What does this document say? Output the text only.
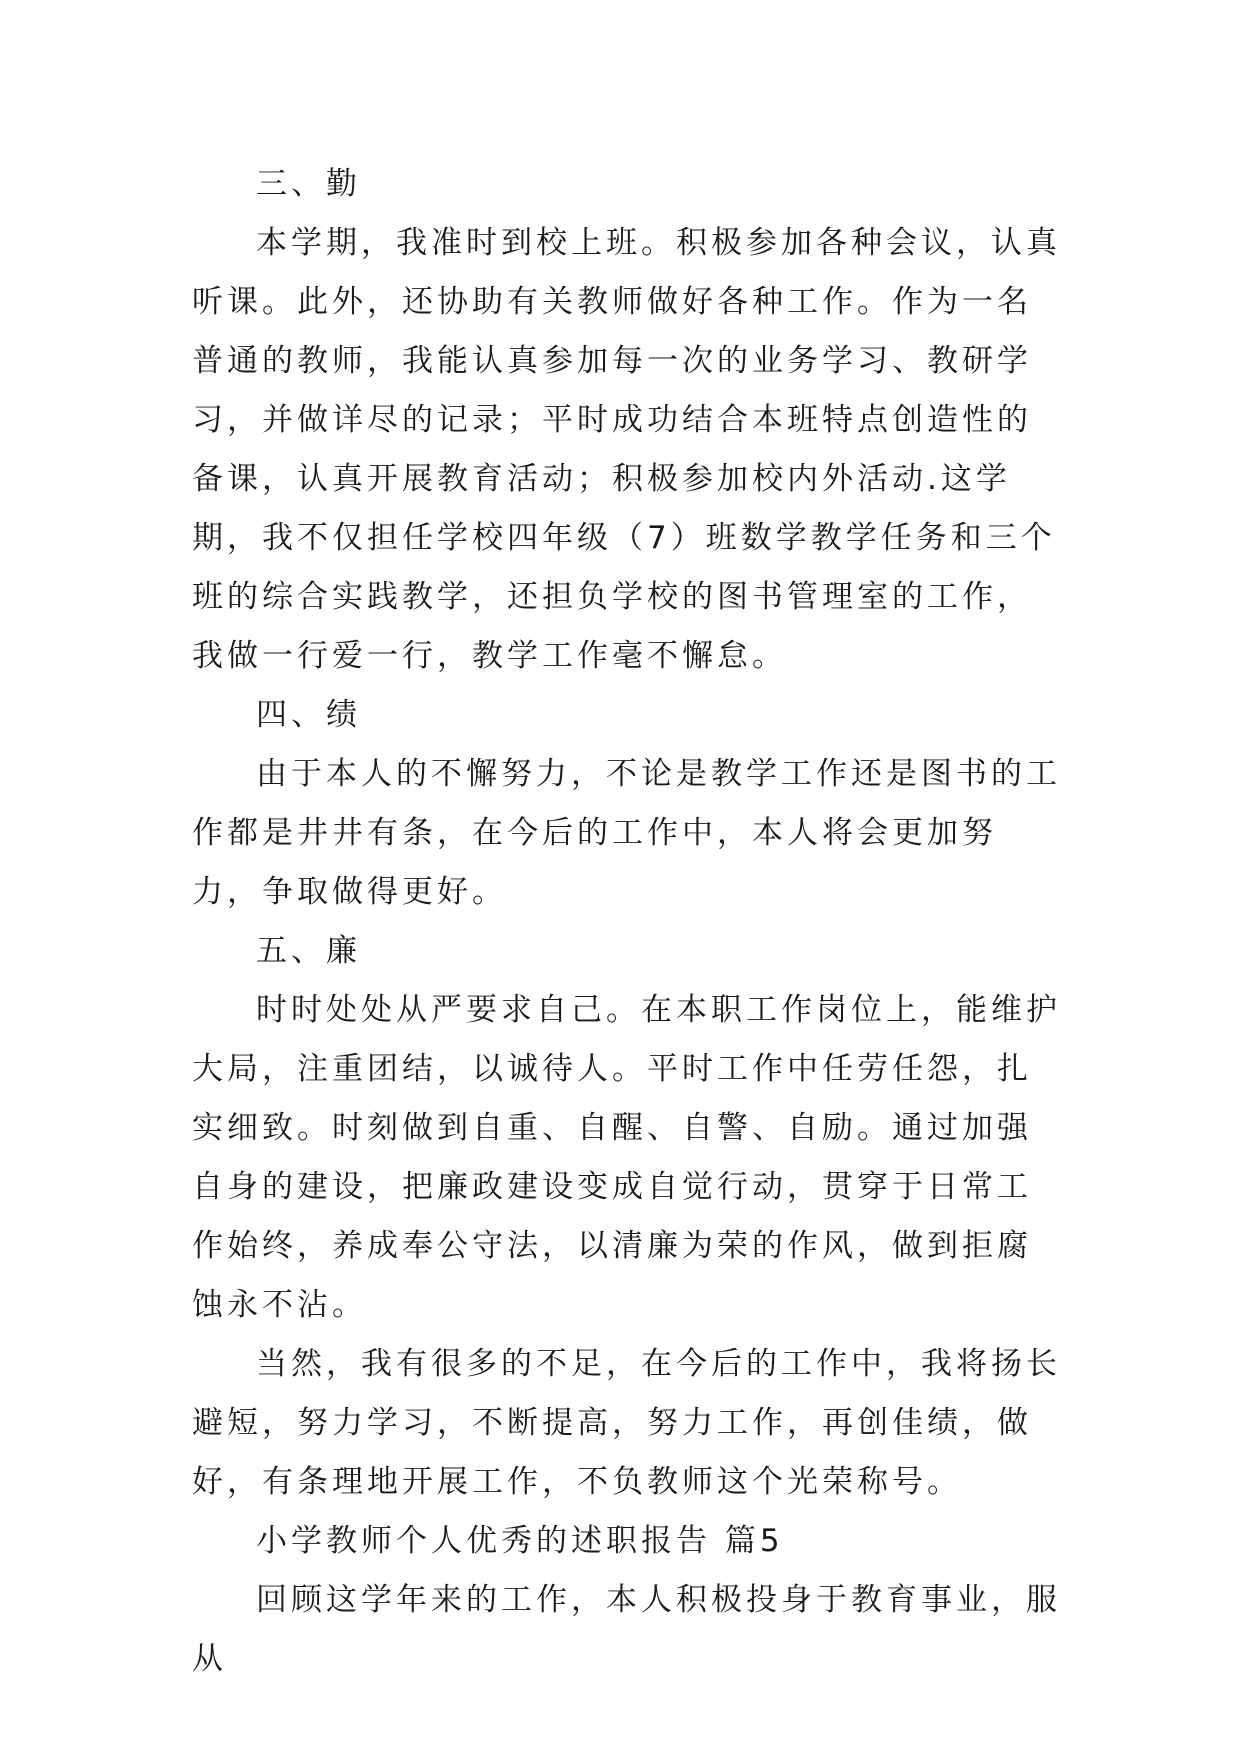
三、勤

本学期，我准时到校上班。积极参加各种会议，认真听课。此外，还协助有关教师做好各种工作。作为一名普通的教师，我能认真参加每一次的业务学习、教研学习，并做详尽的记录；平时成功结合本班特点创造性的备课，认真开展教育活动；积极参加校内外活动.这学期，我不仅担任学校四年级（7）班数学教学任务和三个班的综合实践教学，还担负学校的图书管理室的工作，我做一行爱一行，教学工作毫不懈怠。

四、绩

由于本人的不懈努力，不论是教学工作还是图书的工作都是井井有条，在今后的工作中，本人将会更加努力，争取做得更好。

五、廉

时时处处从严要求自己。在本职工作岗位上，能维护大局，注重团结，以诚待人。平时工作中任劳任怨，扎实细致。时刻做到自重、自醒、自警、自励。通过加强自身的建设，把廉政建设变成自觉行动，贯穿于日常工作始终，养成奉公守法，以清廉为荣的作风，做到拒腐蚀永不沾。

当然，我有很多的不足，在今后的工作中，我将扬长避短，努力学习，不断提高，努力工作，再创佳绩，做好，有条理地开展工作，不负教师这个光荣称号。

小学教师个人优秀的述职报告 篇5

回顾这学年来的工作，本人积极投身于教育事业，服从
